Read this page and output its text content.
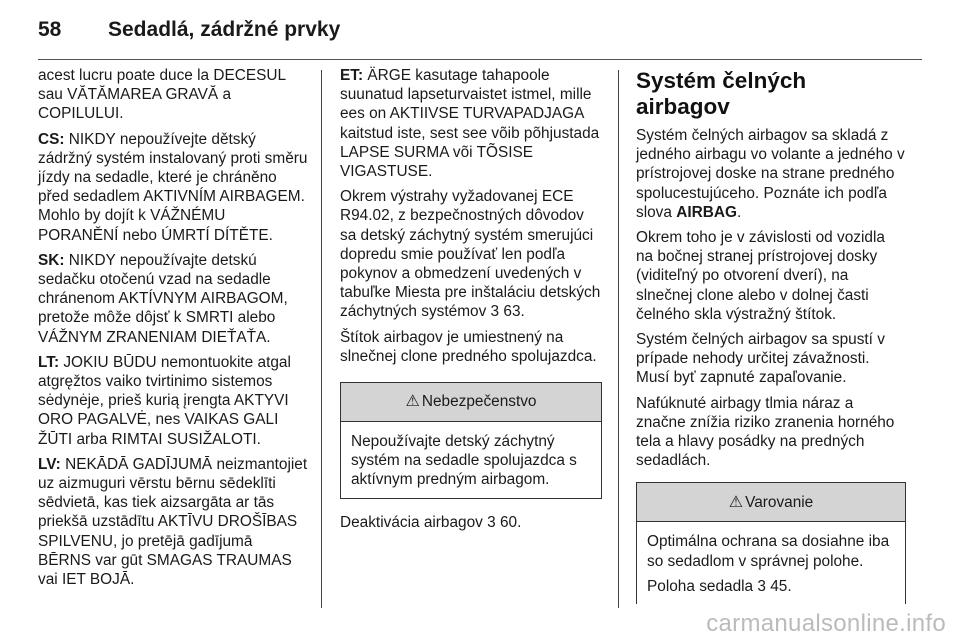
58	Sedadlá, zádržné prvky

acest lucru poate duce la DECESUL sau VĂTĂMAREA GRAVĂ a COPILULUI.

CS: NIKDY nepoužívejte dětský zádržný systém instalovaný proti směru jízdy na sedadle, které je chráněno před sedadlem AKTIVNÍM AIRBAGEM. Mohlo by dojít k VÁŽNÉMU PORANĚNÍ nebo ÚMRTÍ DÍTĚTE.

SK: NIKDY nepoužívajte detskú sedačku otočenú vzad na sedadle chránenom AKTÍVNYM AIRBAGOM, pretože môže dôjsť k SMRTI alebo VÁŽNYM ZRANENIAM DIEŤAŤA.

LT: JOKIU BŪDU nemontuokite atgal atgręžtos vaiko tvirtinimo sistemos sėdynėje, prieš kurią įrengta AKTYVI ORO PAGALVĖ, nes VAIKAS GALI ŽŪTI arba RIMTAI SUSIŽALOTI.

LV: NEKĀDĀ GADĪJUMĀ neizmantojiet uz aizmuguri vērstu bērnu sēdeklīti sēdvietā, kas tiek aizsargāta ar tās priekšā uzstādītu AKTĪVU DROŠĪBAS SPILVENU, jo pretējā gadījumā BĒRNS var gūt SMAGAS TRAUMAS vai IET BOJĀ.

ET: ÄRGE kasutage tahapoole suunatud lapseturvaistet istmel, mille ees on AKTIIVSE TURVAPADJAGA kaitstud iste, sest see võib põhjustada LAPSE SURMA või TÕSISE VIGASTUSE.

Okrem výstrahy vyžadovanej ECE R94.02, z bezpečnostných dôvodov sa detský záchytný systém smerujúci dopredu smie používať len podľa pokynov a obmedzení uvedených v tabuľke Miesta pre inštaláciu detských záchytných systémov 3 63.

Štítok airbagov je umiestnený na slnečnej clone predného spolujazdca.

⚠ Nebezpečenstvo

Nepoužívajte detský záchytný systém na sedadle spolujazdca s aktívnym predným airbagom.

Deaktivácia airbagov 3 60.

Systém čelných airbagov

Systém čelných airbagov sa skladá z jedného airbagu vo volante a jedného v prístrojovej doske na strane predného spolucestujúceho. Poznáte ich podľa slova AIRBAG.

Okrem toho je v závislosti od vozidla na bočnej stranej prístrojovej dosky (viditeľný po otvorení dverí), na slnečnej clone alebo v dolnej časti čelného skla výstražný štítok.

Systém čelných airbagov sa spustí v prípade nehody určitej závažnosti. Musí byť zapnuté zapaľovanie.

Nafúknuté airbagy tlmia náraz a značne znížia riziko zranenia horného tela a hlavy posádky na predných sedadlách.

⚠ Varovanie

Optimálna ochrana sa dosiahne iba so sedadlom v správnej polohe.

Poloha sedadla 3 45.

carmanualsonline.info
